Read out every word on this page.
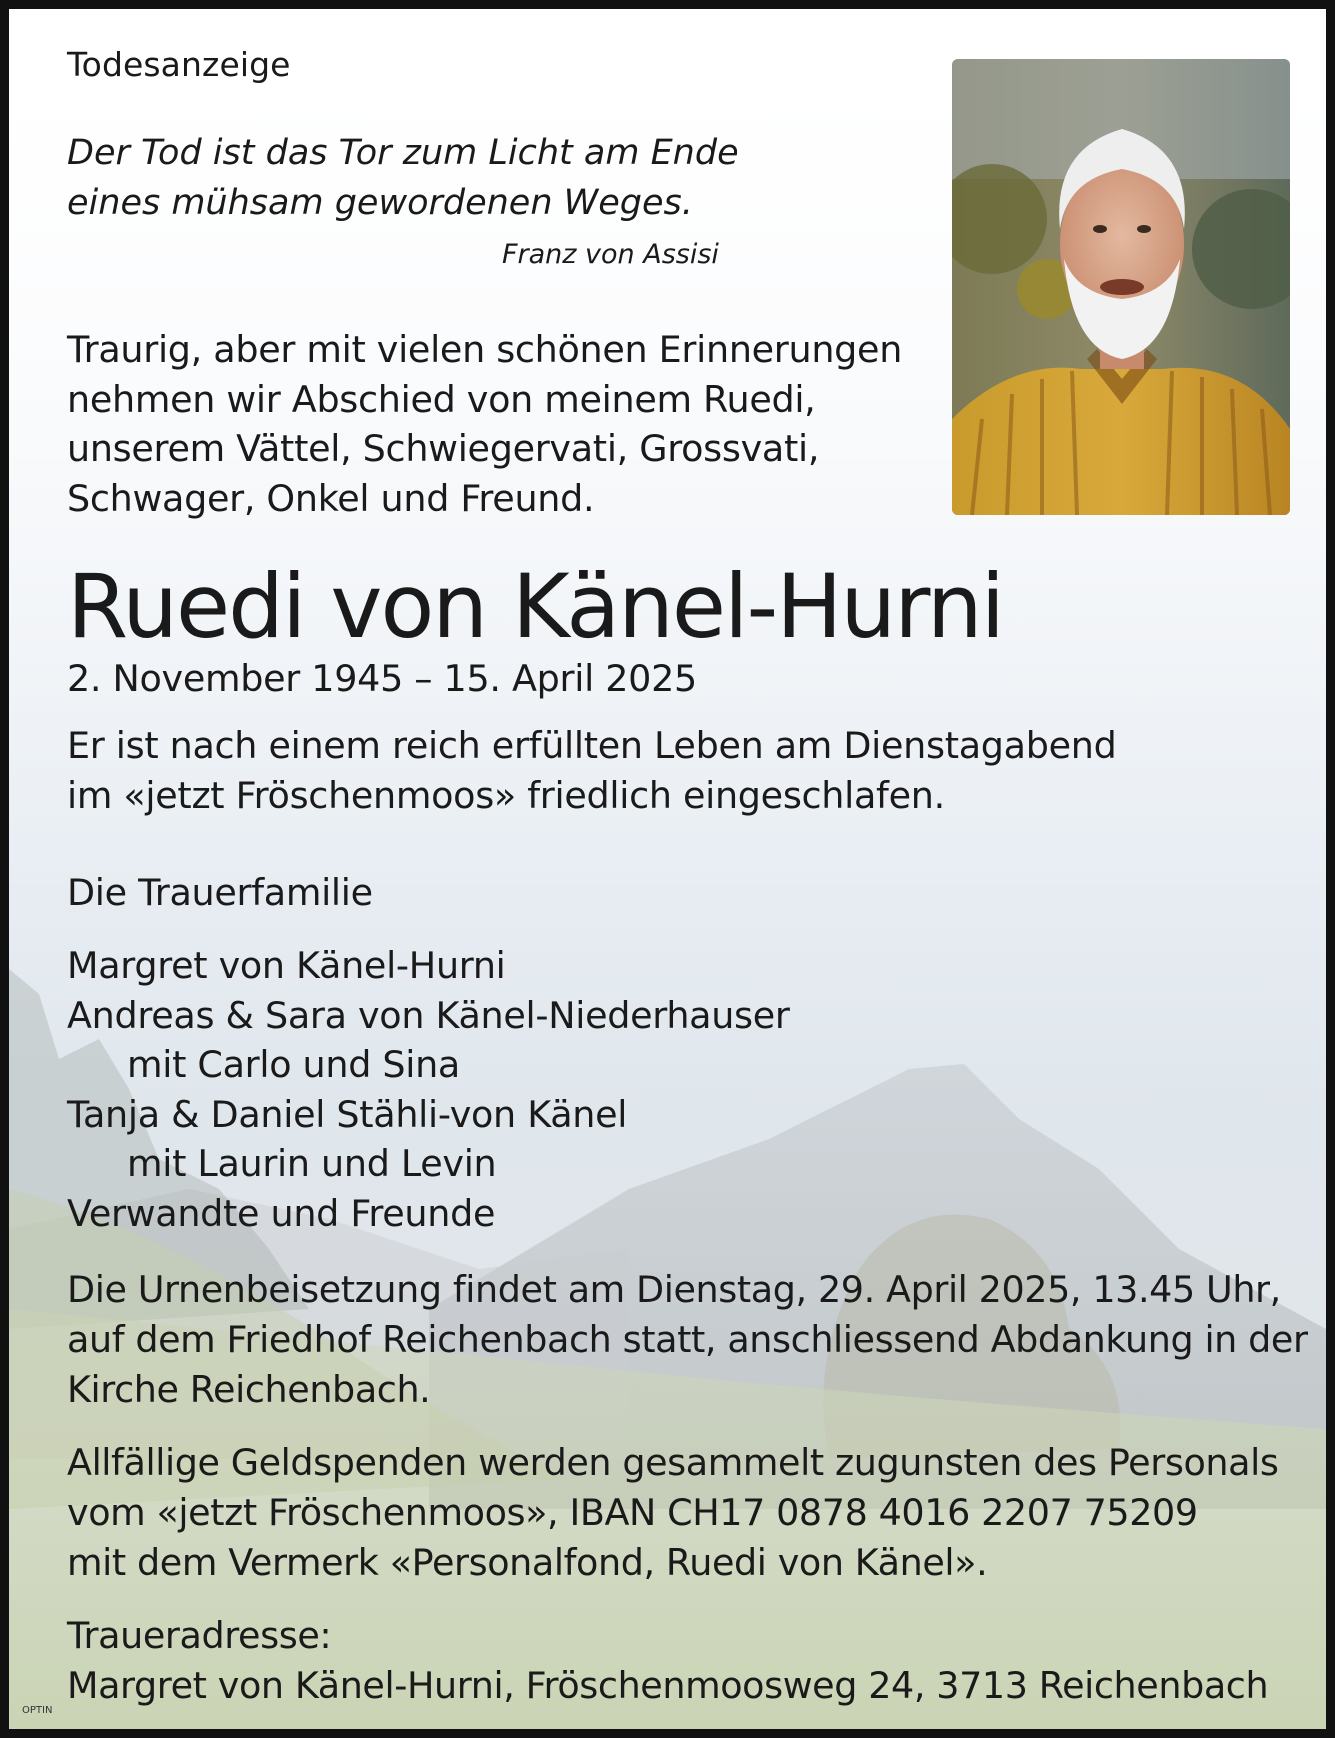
Todesanzeige
Der Tod ist das Tor zum Licht am Ende
eines mühsam gewordenen Weges.
Franz von Assisi
Traurig, aber mit vielen schönen Erinnerungen
nehmen wir Abschied von meinem Ruedi,
unserem Vättel, Schwiegervati, Grossvati,
Schwager, Onkel und Freund.
Ruedi von Känel-Hurni
2. November 1945 – 15. April 2025
Er ist nach einem reich erfüllten Leben am Dienstagabend
im «jetzt Fröschenmoos» friedlich eingeschlafen.
Die Trauerfamilie
Margret von Känel-Hurni
Andreas & Sara von Känel-Niederhauser
mit Carlo und Sina
Tanja & Daniel Stähli-von Känel
mit Laurin und Levin
Verwandte und Freunde
Die Urnenbeisetzung findet am Dienstag, 29. April 2025, 13.45 Uhr,
auf dem Friedhof Reichenbach statt, anschliessend Abdankung in der
Kirche Reichenbach.
Allfällige Geldspenden werden gesammelt zugunsten des Personals
vom «jetzt Fröschenmoos», IBAN CH17 0878 4016 2207 75209
mit dem Vermerk «Personalfond, Ruedi von Känel».
Traueradresse:
Margret von Känel-Hurni, Fröschenmoosweg 24, 3713 Reichenbach
OPTIN
